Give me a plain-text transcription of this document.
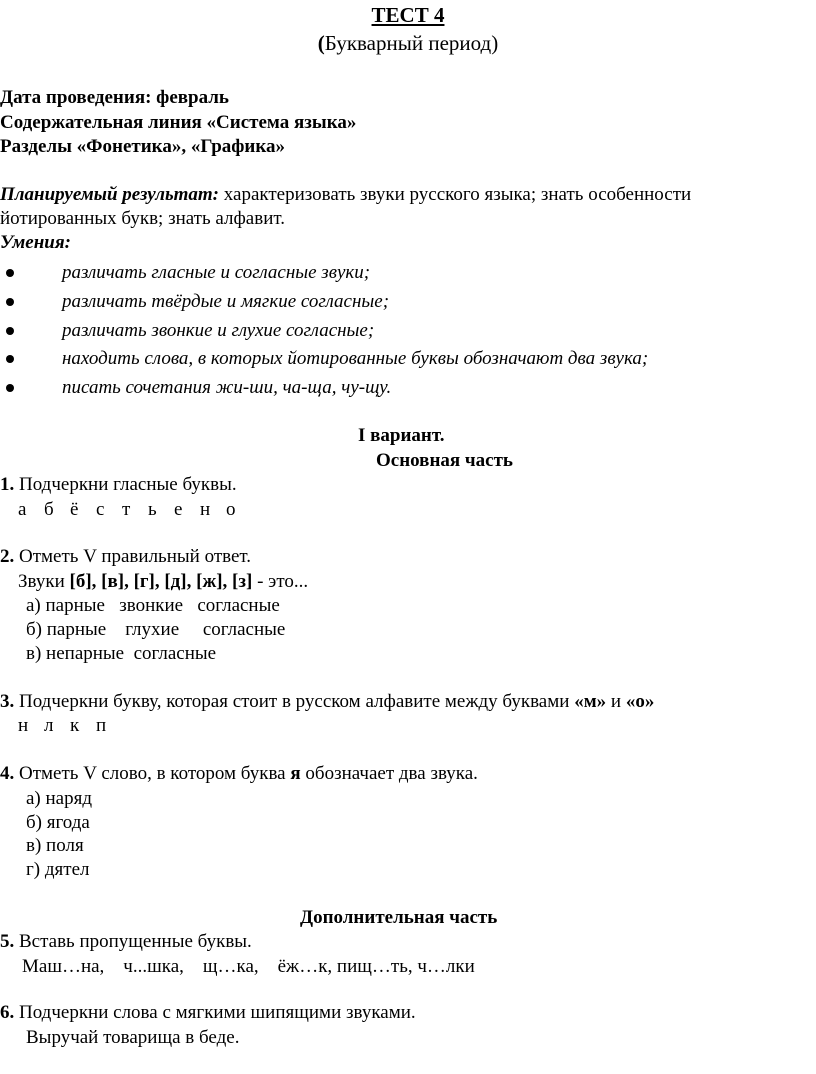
ТЕСТ 4
(Букварный период)
Дата проведения: февраль
Содержательная линия «Система языка»
Разделы «Фонетика», «Графика»
Планируемый результат: характеризовать звуки русского языка; знать особенности
йотированных букв; знать алфавит.
Умения:
различать гласные и согласные звуки;
различать твёрдые и мягкие согласные;
различать звонкие и глухие согласные;
находить слова, в которых йотированные буквы обозначают два звука;
писать сочетания жи-ши, ча-ща, чу-щу.
I вариант.
Основная часть
1. Подчеркни гласные буквы.
а б ё с т ь е н о
2. Отметь V правильный ответ.
Звуки [б], [в], [г], [д], [ж], [з] - это...
а) парные   звонкие   согласные
б) парные    глухие     согласные
в) непарные  согласные
3. Подчеркни букву, которая стоит в русском алфавите между буквами «м» и «о»
н л к п
4. Отметь V слово, в котором буква я обозначает два звука.
а) наряд
б) ягода
в) поля
г) дятел
Дополнительная часть
5. Вставь пропущенные буквы.
Маш…на,    ч...шка,    щ…ка,    ёж…к, пищ…ть, ч…лки
6. Подчеркни слова с мягкими шипящими звуками.
Выручай товарища в беде.
